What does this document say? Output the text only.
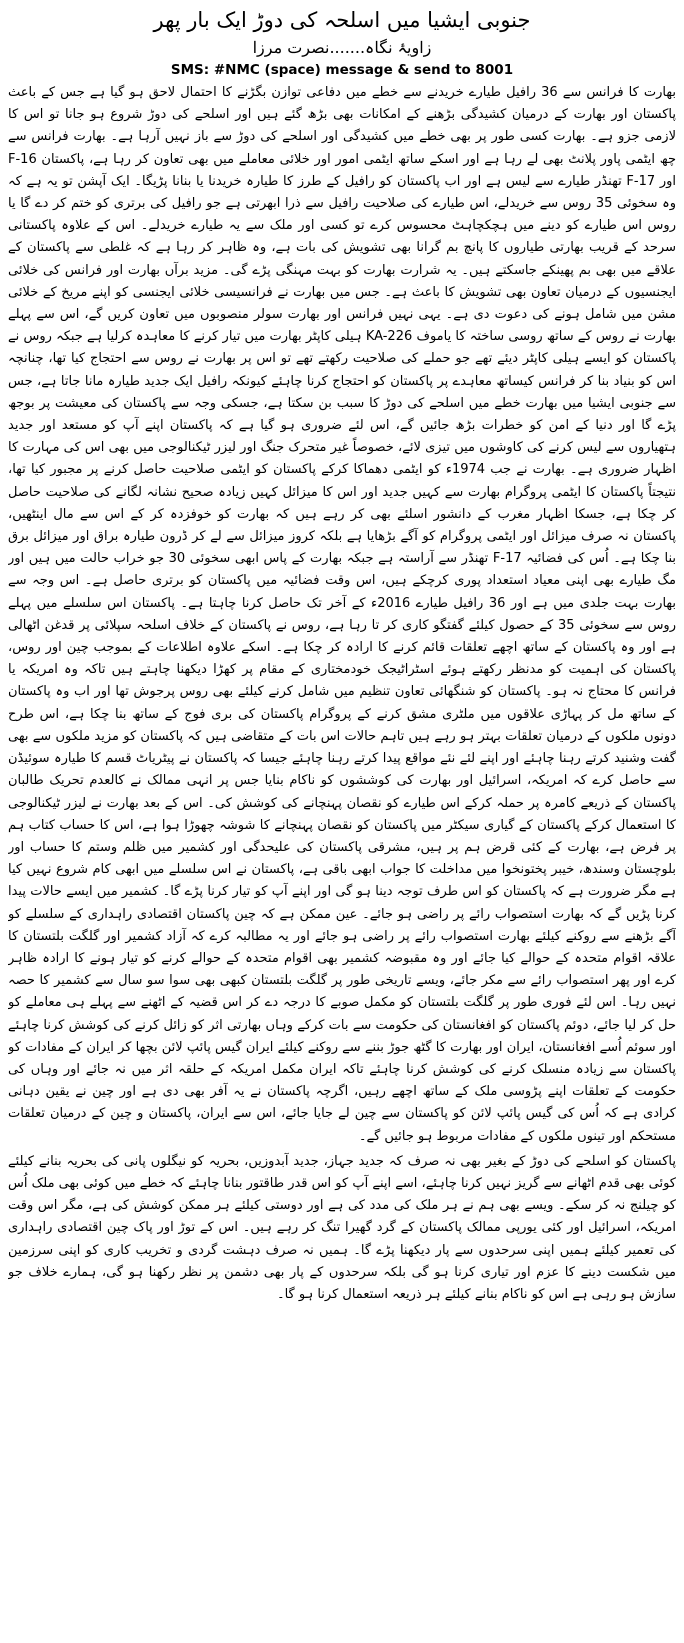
جنوبی ایشیا میں اسلحہ کی دوڑ ایک بار پھر
زاویۂ نگاہ.......نصرت مرزا
SMS: #NMC (space) message & send to 8001

بھارت کا فرانس سے 36 رافیل طیارے خریدنے سے خطے میں دفاعی توازن بگڑنے کا احتمال لاحق ہو گیا ہے جس کے باعث پاکستان اور بھارت کے درمیان کشیدگی بڑھنے کے امکانات بھی بڑھ گئے ہیں اور اسلحے کی دوڑ شروع ہو جانا تو اس کا لازمی جزو ہے۔ بھارت کسی طور پر بھی خطے میں کشیدگی اور اسلحے کی دوڑ سے باز نہیں آرہا ہے۔ بھارت فرانس سے چھ ایٹمی پاور پلانٹ بھی لے رہا ہے اور اسکے ساتھ ایٹمی امور اور خلائی معاملے میں بھی تعاون کر رہا ہے، پاکستان F-16 اور F-17 تھنڈر طیارے سے لیس ہے اور اب پاکستان کو رافیل کے طرز کا طیارہ خریدنا یا بنانا پڑیگا۔ ایک آپشن تو یہ ہے کہ وہ سخوئی 35 روس سے خریدلے، اس طیارے کی صلاحیت رافیل سے ذرا ابھرتی ہے جو رافیل کی برتری کو ختم کر دے گا یا روس اس طیارے کو دینے میں ہچکچاہٹ محسوس کرے تو کسی اور ملک سے یہ طیارے خریدلے۔ اس کے علاوہ پاکستانی سرحد کے قریب بھارتی طیاروں کا پانچ بم گرانا بھی تشویش کی بات ہے، وہ ظاہر کر رہا ہے کہ غلطی سے پاکستان کے علاقے میں بھی بم پھینکے جاسکتے ہیں۔ یہ شرارت بھارت کو بہت مہنگی پڑے گی۔ مزید برآں بھارت اور فرانس کی خلائی ایجنسیوں کے درمیان تعاون بھی تشویش کا باعث ہے۔ جس میں بھارت نے فرانسیسی خلائی ایجنسی کو اپنے مریخ کے خلائی مشن میں شامل ہونے کی دعوت دی ہے۔ یہی نہیں فرانس اور بھارت سولر منصوبوں میں تعاون کریں گے، اس سے پہلے بھارت نے روس کے ساتھ روسی ساختہ کا یاموف KA-226 ہیلی کاپٹر بھارت میں تیار کرنے کا معاہدہ کرلیا ہے جبکہ روس نے پاکستان کو ایسے ہیلی کاپٹر دیئے تھے جو حملے کی صلاحیت رکھتے تھے تو اس پر بھارت نے روس سے احتجاج کیا تھا، چنانچہ اس کو بنیاد بنا کر فرانس کیساتھ معاہدے پر پاکستان کو احتجاج کرنا چاہئے کیونکہ رافیل ایک جدید طیارہ مانا جاتا ہے، جس سے جنوبی ایشیا میں بھارت خطے میں اسلحے کی دوڑ کا سبب بن سکتا ہے، جسکی وجہ سے پاکستان کی معیشت پر بوجھ پڑے گا اور دنیا کے امن کو خطرات بڑھ جائیں گے، اس لئے ضروری ہو گیا ہے کہ پاکستان اپنے آپ کو مستعد اور جدید ہتھیاروں سے لیس کرنے کی کاوشوں میں تیزی لائے، خصوصاً غیر متحرک جنگ اور لیزر ٹیکنالوجی میں بھی اس کی مہارت کا اظہار ضروری ہے۔ بھارت نے جب 1974ء کو ایٹمی دھماکا کرکے پاکستان کو ایٹمی صلاحیت حاصل کرنے پر مجبور کیا تھا، نتیجتاً پاکستان کا ایٹمی پروگرام بھارت سے کہیں جدید اور اس کا میزائل کہیں زیادہ صحیح نشانہ لگانے کی صلاحیت حاصل کر چکا ہے، جسکا اظہار مغرب کے دانشور اسلئے بھی کر رہے ہیں کہ بھارت کو خوفزدہ کر کے اس سے مال اینٹھیں، پاکستان نہ صرف میزائل اور ایٹمی پروگرام کو آگے بڑھایا ہے بلکہ کروز میزائل سے لے کر ڈرون طیارہ براق اور میزائل برق بنا چکا ہے۔ اُس کی فضائیہ F-17 تھنڈر سے آراستہ ہے جبکہ بھارت کے پاس ابھی سخوئی 30 جو خراب حالت میں ہیں اور مگ طیارے بھی اپنی معیاد استعداد پوری کرچکے ہیں، اس وقت فضائیہ میں پاکستان کو برتری حاصل ہے۔ اس وجہ سے بھارت بہت جلدی میں ہے اور 36 رافیل طیارے 2016ء کے آخر تک حاصل کرنا چاہتا ہے۔ پاکستان اس سلسلے میں پہلے روس سے سخوئی 35 کے حصول کیلئے گفتگو کاری کر تا رہا ہے، روس نے پاکستان کے خلاف اسلحہ سپلائی پر قدغن اٹھالی ہے اور وہ پاکستان کے ساتھ اچھے تعلقات قائم کرنے کا ارادہ کر چکا ہے۔ اسکے علاوہ اطلاعات کے بموجب چین اور روس، پاکستان کی اہمیت کو مدنظر رکھتے ہوئے اسٹراٹیجک خودمختاری کے مقام پر کھڑا دیکھنا چاہتے ہیں تاکہ وہ امریکہ یا فرانس کا محتاج نہ ہو۔ پاکستان کو شنگھائی تعاون تنظیم میں شامل کرنے کیلئے بھی روس پرجوش تھا اور اب وہ پاکستان کے ساتھ مل کر پہاڑی علاقوں میں ملٹری مشق کرنے کے پروگرام پاکستان کی بری فوج کے ساتھ بنا چکا ہے، اس طرح دونوں ملکوں کے درمیان تعلقات بہتر ہو رہے ہیں تاہم حالات اس بات کے متقاضی ہیں کہ پاکستان کو مزید ملکوں سے بھی گفت وشنید کرتے رہنا چاہئے اور اپنے لئے نئے مواقع پیدا کرتے رہنا چاہئے جیسا کہ پاکستان نے پیٹریاٹ قسم کا طیارہ سوئیڈن سے حاصل کرے کہ امریکہ، اسرائیل اور بھارت کی کوششوں کو ناکام بنایا جس پر انہی ممالک نے کالعدم تحریک طالبان پاکستان کے ذریعے کامرہ پر حملہ کرکے اس طیارے کو نقصان پہنچانے کی کوشش کی۔ اس کے بعد بھارت نے لیزر ٹیکنالوجی کا استعمال کرکے پاکستان کے گیاری سیکٹر میں پاکستان کو نقصان پہنچانے کا شوشہ چھوڑا ہوا ہے، اس کا حساب کتاب ہم پر فرض ہے، بھارت کے کئی قرض ہم پر ہیں، مشرقی پاکستان کی علیحدگی اور کشمیر میں ظلم وستم کا حساب اور بلوچستان وسندھ، خیبر پختونخوا میں مداخلت کا جواب ابھی باقی ہے، پاکستان نے اس سلسلے میں ابھی کام شروع نہیں کیا ہے مگر ضرورت ہے کہ پاکستان کو اس طرف توجہ دینا ہو گی اور اپنے آپ کو تیار کرنا پڑے گا۔ کشمیر میں ایسے حالات پیدا کرنا پڑیں گے کہ بھارت استصواب رائے پر راضی ہو جائے۔ عین ممکن ہے کہ چین پاکستان اقتصادی راہداری کے سلسلے کو آگے بڑھنے سے روکنے کیلئے بھارت استصواب رائے پر راضی ہو جائے اور یہ مطالبہ کرے کہ آزاد کشمیر اور گلگت بلتستان کا علاقہ اقوام متحدہ کے حوالے کیا جائے اور وہ مقبوضہ کشمیر بھی اقوام متحدہ کے حوالے کرنے کو تیار ہونے کا ارادہ ظاہر کرے اور پھر استصواب رائے سے مکر جائے، ویسے تاریخی طور پر گلگت بلتستان کبھی بھی سوا سو سال سے کشمیر کا حصہ نہیں رہا۔ اس لئے فوری طور پر گلگت بلتستان کو مکمل صوبے کا درجہ دے کر اس قضیہ کے اٹھنے سے پہلے ہی معاملے کو حل کر لیا جائے، دوئم پاکستان کو افغانستان کی حکومت سے بات کرکے وہاں بھارتی اثر کو زائل کرنے کی کوشش کرنا چاہئے اور سوئم اُسے افغانستان، ایران اور بھارت کا گٹھ جوڑ بننے سے روکنے کیلئے ایران گیس پائپ لائن بچھا کر ایران کے مفادات کو پاکستان سے زیادہ منسلک کرنے کی کوشش کرنا چاہئے تاکہ ایران مکمل امریکہ کے حلقہ اثر میں نہ جائے اور وہاں کی حکومت کے تعلقات اپنے پڑوسی ملک کے ساتھ اچھے رہیں، اگرچہ پاکستان نے یہ آفر بھی دی ہے اور چین نے یقین دہانی کرادی ہے کہ اُس کی گیس پائپ لائن کو پاکستان سے چین لے جایا جائے، اس سے ایران، پاکستان و چین کے درمیان تعلقات مستحکم اور تینوں ملکوں کے مفادات مربوط ہو جائیں گے۔

پاکستان کو اسلحے کی دوڑ کے بغیر بھی نہ صرف کہ جدید جہاز، جدید آبدوزیں، بحریہ کو نیگلوں پانی کی بحریہ بنانے کیلئے کوئی بھی قدم اٹھانے سے گریز نہیں کرنا چاہئے، اسے اپنے آپ کو اس قدر طاقتور بنانا چاہئے کہ خطے میں کوئی بھی ملک اُس کو چیلنج نہ کر سکے۔ ویسے بھی ہم نے ہر ملک کی مدد کی ہے اور دوستی کیلئے ہر ممکن کوشش کی ہے، مگر اس وقت امریکہ، اسرائیل اور کئی یورپی ممالک پاکستان کے گرد گھیرا تنگ کر رہے ہیں۔ اس کے توڑ اور پاک چین اقتصادی راہداری کی تعمیر کیلئے ہمیں اپنی سرحدوں سے پار دیکھنا پڑے گا۔ ہمیں نہ صرف دہشت گردی و تخریب کاری کو اپنی سرزمین میں شکست دینے کا عزم اور تیاری کرنا ہو گی بلکہ سرحدوں کے پار بھی دشمن پر نظر رکھنا ہو گی، ہمارے خلاف جو سازش ہو رہی ہے اس کو ناکام بنانے کیلئے ہر ذریعہ استعمال کرنا ہو گا۔
